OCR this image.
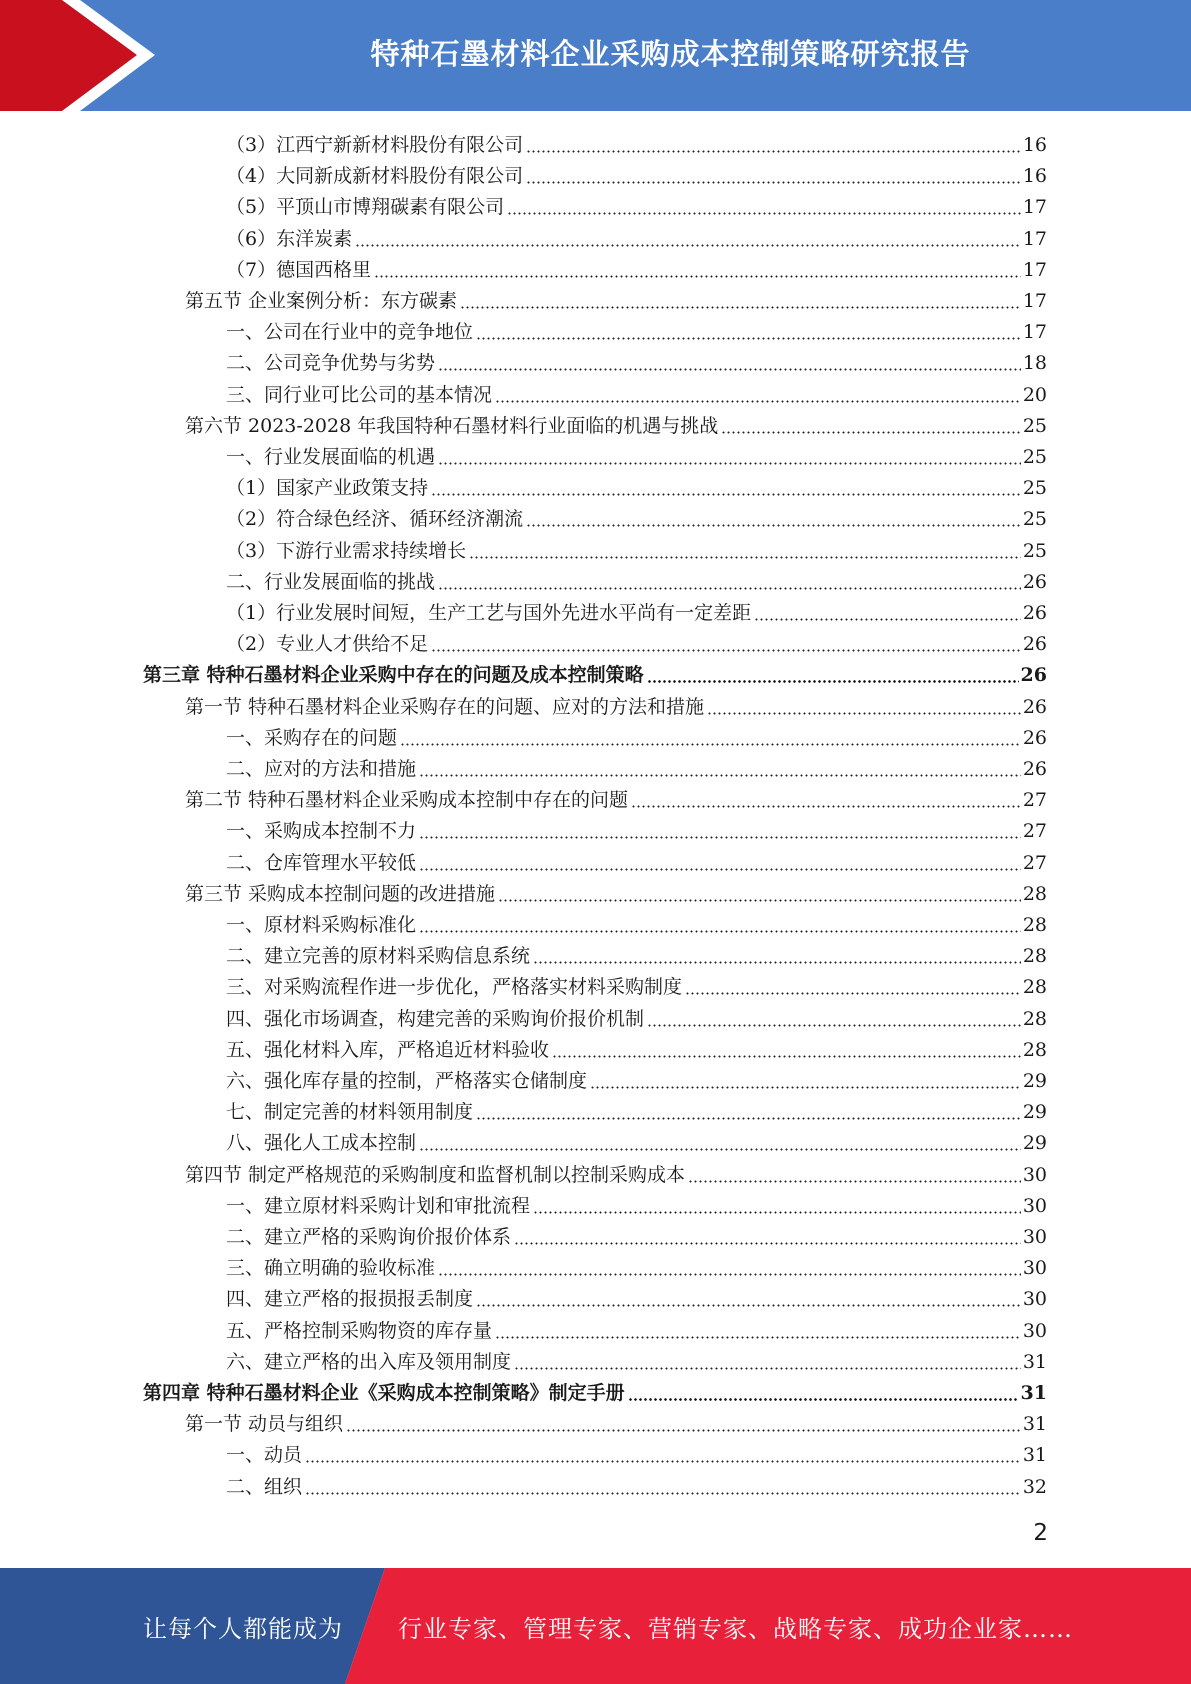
特种石墨材料企业采购成本控制策略研究报告
（3）江西宁新新材料股份有限公司	16
（4）大同新成新材料股份有限公司	16
（5）平顶山市博翔碳素有限公司	17
（6）东洋炭素	17
（7）德国西格里	17
第五节 企业案例分析：东方碳素	17
一、公司在行业中的竞争地位	17
二、公司竞争优势与劣势	18
三、同行业可比公司的基本情况	20
第六节 2023-2028 年我国特种石墨材料行业面临的机遇与挑战	25
一、行业发展面临的机遇	25
（1）国家产业政策支持	25
（2）符合绿色经济、循环经济潮流	25
（3）下游行业需求持续增长	25
二、行业发展面临的挑战	26
（1）行业发展时间短，生产工艺与国外先进水平尚有一定差距	26
（2）专业人才供给不足	26
第三章 特种石墨材料企业采购中存在的问题及成本控制策略	26
第一节 特种石墨材料企业采购存在的问题、应对的方法和措施	26
一、采购存在的问题	26
二、应对的方法和措施	26
第二节 特种石墨材料企业采购成本控制中存在的问题	27
一、采购成本控制不力	27
二、仓库管理水平较低	27
第三节 采购成本控制问题的改进措施	28
一、原材料采购标准化	28
二、建立完善的原材料采购信息系统	28
三、对采购流程作进一步优化，严格落实材料采购制度	28
四、强化市场调查，构建完善的采购询价报价机制	28
五、强化材料入库，严格追近材料验收	28
六、强化库存量的控制，严格落实仓储制度	29
七、制定完善的材料领用制度	29
八、强化人工成本控制	29
第四节 制定严格规范的采购制度和监督机制以控制采购成本	30
一、建立原材料采购计划和审批流程	30
二、建立严格的采购询价报价体系	30
三、确立明确的验收标准	30
四、建立严格的报损报丢制度	30
五、严格控制采购物资的库存量	30
六、建立严格的出入库及领用制度	31
第四章 特种石墨材料企业《采购成本控制策略》制定手册	31
第一节 动员与组织	31
一、动员	31
二、组织	32
2
让每个人都能成为 行业专家、管理专家、营销专家、战略专家、成功企业家……
